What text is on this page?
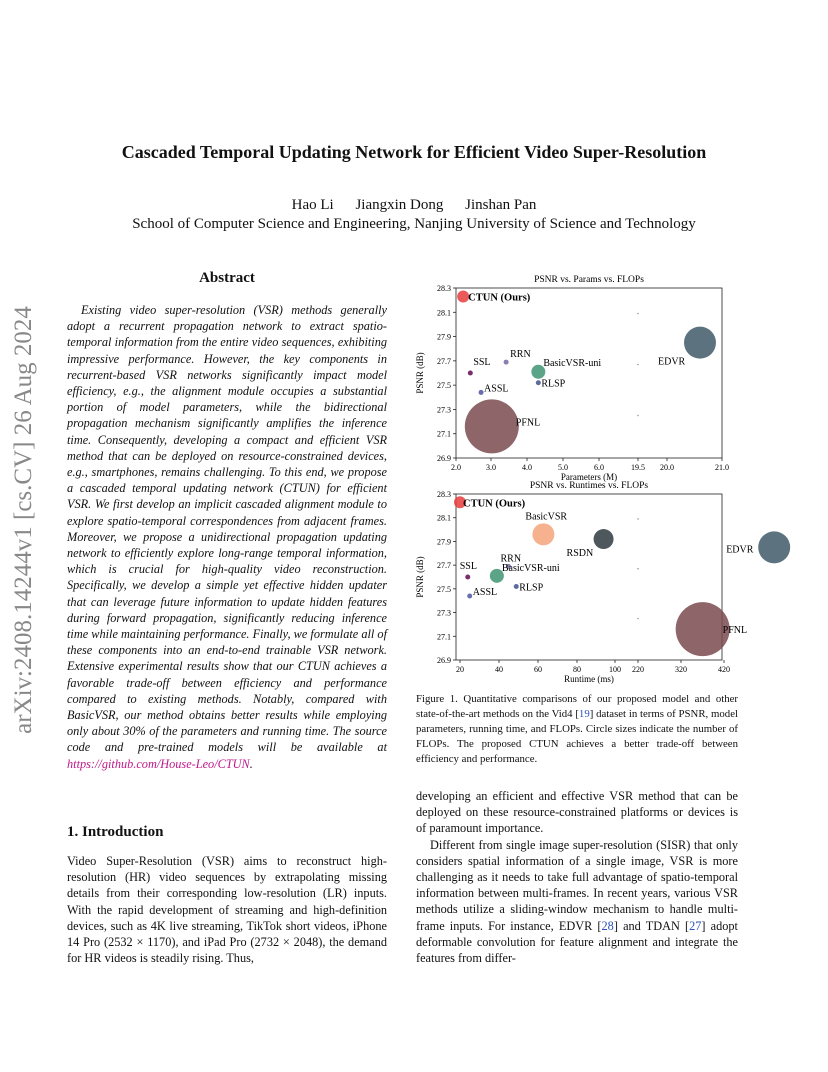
Cascaded Temporal Updating Network for Efficient Video Super-Resolution
Hao Li Jiangxin Dong Jinshan Pan
School of Computer Science and Engineering, Nanjing University of Science and Technology
arXiv:2408.14244v1 [cs.CV] 26 Aug 2024
Abstract
Existing video super-resolution (VSR) methods generally adopt a recurrent propagation network to extract spatio-temporal information from the entire video sequences, exhibiting impressive performance. However, the key components in recurrent-based VSR networks significantly impact model efficiency, e.g., the alignment module occupies a substantial portion of model parameters, while the bidirectional propagation mechanism significantly amplifies the inference time. Consequently, developing a compact and efficient VSR method that can be deployed on resource-constrained devices, e.g., smartphones, remains challenging. To this end, we propose a cascaded temporal updating network (CTUN) for efficient VSR. We first develop an implicit cascaded alignment module to explore spatio-temporal correspondences from adjacent frames. Moreover, we propose a unidirectional propagation updating network to efficiently explore long-range temporal information, which is crucial for high-quality video reconstruction. Specifically, we develop a simple yet effective hidden updater that can leverage future information to update hidden features during forward propagation, significantly reducing inference time while maintaining performance. Finally, we formulate all of these components into an end-to-end trainable VSR network. Extensive experimental results show that our CTUN achieves a favorable trade-off between efficiency and performance compared to existing methods. Notably, compared with BasicVSR, our method obtains better results while employing only about 30% of the parameters and running time. The source code and pre-trained models will be available at https://github.com/House-Leo/CTUN.
1. Introduction
Video Super-Resolution (VSR) aims to reconstruct high-resolution (HR) video sequences by extrapolating missing details from their corresponding low-resolution (LR) inputs. With the rapid development of streaming and high-definition devices, such as 4K live streaming, TikTok short videos, iPhone 14 Pro (2532 × 1170), and iPad Pro (2732 × 2048), the demand for HR videos is steadily rising. Thus,
PSNR vs. Params vs. FLOPs
26.9
27.1
27.3
27.5
27.7
27.9
28.1
28.3
2.0	3.0	4.0	5.0	6.0	19.5 20.0	21.0
Parameters (M)
PSNR (dB)
CTUN (Ours)
EDVR
RRN
BasicVSR-uni
SSL
RLSP
ASSL
PFNL
PSNR vs. Runtimes vs. FLOPs
26.9
27.1
27.3
27.5
27.7
27.9
28.1
28.3
20	40	60	80	100 220	320	420
Runtime (ms)
PSNR (dB)
CTUN (Ours)
BasicVSR
RSDN	EDVR
RRN
BasicVSR-uni
SSL
RLSP
ASSL
PFNL
Figure 1. Quantitative comparisons of our proposed model and other state-of-the-art methods on the Vid4 [19] dataset in terms of PSNR, model parameters, running time, and FLOPs. Circle sizes indicate the number of FLOPs. The proposed CTUN achieves a better trade-off between efficiency and performance.
developing an efficient and effective VSR method that can be deployed on these resource-constrained platforms or devices is of paramount importance.
Different from single image super-resolution (SISR) that only considers spatial information of a single image, VSR is more challenging as it needs to take full advantage of spatio-temporal information between multi-frames. In recent years, various VSR methods utilize a sliding-window mechanism to handle multi-frame inputs. For instance, EDVR [28] and TDAN [27] adopt deformable convolution for feature alignment and integrate the features from differ-
